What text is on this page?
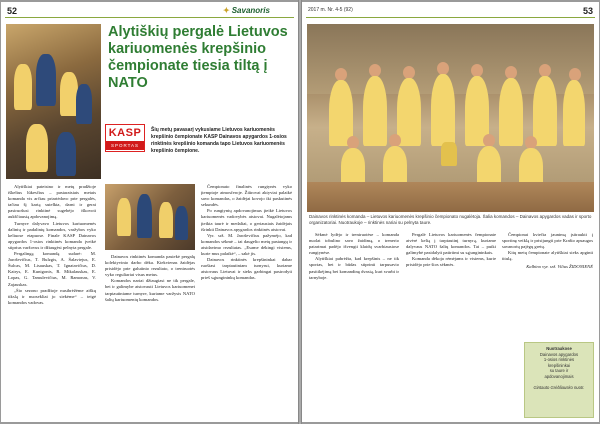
52
✦	Savanoris
Alytiškių pergalė Lietuvos kariuomenės krepšinio čempionate tiesia tiltą į NATO
KASP
SPORTAS
Šių metų pavasarį vykusiame Lietuvos kariuomenės krepšinio čempionate KASP Dainavos apygardos 1-osios rinktinės krepšinio komanda tapo Lietuvos kariuomenės krepšinio čempione.

Alytiškiai pateisino ir metų pradžioje iškeltus lūkesčius – pastaraisiais metais komanda vis arčiau priartėdavo prie pergalės, tačiau šį kartą sutelkta, darni ir gerai pasiruošusi rinktinė sugebėjo iškovoti aukščiausią apdovanojimą.

Turnyre dalyvavo Lietuvos kariuomenės dalinių ir padalinių komandos, varžybos vyko keliuose etapuose. Finale KASP Dainavos apygardos 1-osios rinktinės komanda įveikė stiprius varžovus ir džiaugėsi pelnyta pergale.

Pergalingą komandą sudarė: M. Jaroševičius, T. Bulzgis, A. Šalaviejus, E. Šulcas, M. Lisauskas, T. Ignatavičius, D. Kairys, E. Kunigonis, R. Mikalauskas, E. Lopas, G. Tamulevičius, M. Ramonas, V. Zajauskas.

„Šio sezono pradžioje nusibrėžėme aiškų tikslą ir nuosekliai jo siekėme“ – teigė komandos vadovas.

Dainavos rinktinės komanda pasiekė pergalę kolektyvinio darbo dėka. Kiekvienas žaidėjas prisidėjo prie galutinio rezultato, o treniruotės vyko reguliariai visus metus.

Komandos nariai džiaugiasi ne tik pergale, bet ir galimybe atstovauti Lietuvos kariuomenei tarptautiniame turnyre, kuriame varžysis NATO šalių kariuomenių komandos.

Čempionato finalinės rungtynės vyko įtemptoje atmosferoje. Žiūrovai aktyviai palaikė savo komandas, o žaidėjai kovojo iki paskutinės sekundės.

Po rungtynių apdovanojimus įteikė Lietuvos kariuomenės vadovybės atstovai. Nugalėtojams įteikta taurė ir medaliai, o geriausiais žaidėjais išrinkti Dainavos apygardos rinktinės atstovai.

Vyr. srž. M. Jaroševičius pažymėjo, kad komandos sėkmė – tai daugelio metų pastangų ir atsidavimo rezultatas. „Esame dėkingi visiems, kurie mus palaikė“, – sakė jis.

Dainavos rinktinės krepšininkai dabar ruošiasi tarptautiniam turnyrui, kuriame atstovaus Lietuvai ir sieks garbingai pasirodyti prieš sąjungininkų komandas.

2017 m. Nr. 4-5 (92)	53
Dainavos rinktinės komanda – Lietuvos kariuomenės krepšinio čempionato nugalėtoja. Šalia komandos – Dainavos apygardos vadas ir sporto organizatoriai. Nuotraukoje – rinktinės nariai su pelnyta taure.

Sėkmė lydėjo ir treniruotėse – komanda nuolat tobulino savo žaidimą, o trenerio patarimai padėjo išvengti klaidų svarbiausiose rungtynėse.

Alytiškiai pabrėžia, kad krepšinis – ne tik sportas, bet ir būdas stiprinti tarpusavio pasitikėjimą bei komandinę dvasią, kuri svarbi ir tarnyboje.

Pergalė Lietuvos kariuomenės čempionate atvėrė kelią į tarptautinį turnyrą, kuriame dalyvaus NATO šalių komandos. Tai – puiki galimybė pasidalyti patirtimi su sąjungininkais.

Komanda dėkoja rėmėjams ir visiems, kurie prisidėjo prie šios sėkmės.

Čempionai kviečia jaunimą įsitraukti į sportinę veiklą ir prisijungti prie Krašto apsaugos savanorių pajėgų gretų.

Kitų metų čempionate alytiškiai sieks apginti titulą.

Kalbino vyr. srž. Vilius ŽIDONIENĖ
Nuotraukose
Dainavos apygardos
1-osios rinktinės
krepšininkai
su taure ir
apdovanojimais

Gintauto Grėbliausko nuotr.
